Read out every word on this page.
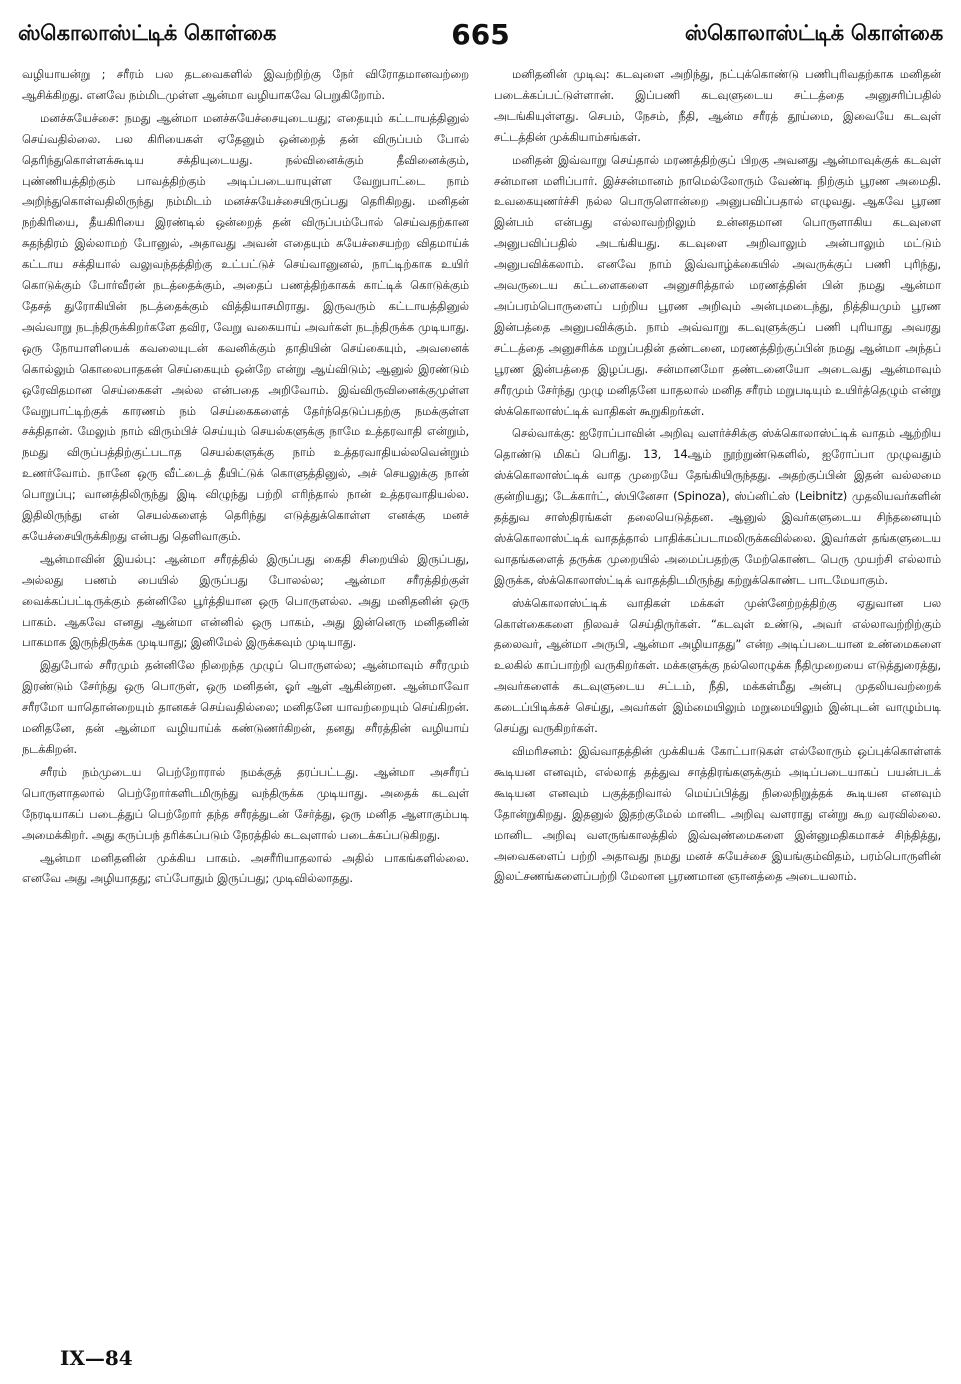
ஸ்கொலாஸ்ட்டிக் கொள்கை	665	ஸ்கொலாஸ்ட்டிக் கொள்கை

வழியாயன்று ; சரீரம் பல தடவைகளில் இவற்றிற்கு நேர் விரோதமானவற்றை ஆசிக்கிறது. எனவே நம்மிடமுள்ள ஆன்மா வழியாகவே பெறுகிறோம்.

மனச்சுயேச்சை: நமது ஆன்மா மனச்சுயேச்சையுடையது; எதையும் கட்டாயத்தினுல் செய்வதில்லை. பல கிரியைகள் ஏதேனும் ஒன்றைத் தன் விருப்பம் போல் தெரிந்துகொள்ளக்கூடிய சக்தியுடையது. நல்வினைக்கும் தீவினைக்கும், புண்ணியத்திற்கும் பாவத்திற்கும் அடிப்படையாயுள்ள வேறுபாட்டை நாம் அறிந்துகொள்வதிலிருந்து நம்மிடம் மனச்சுயேச்சையிருப்பது தெரிகிறது. மனிதன் நற்கிரியை, தீயகிரியை இரண்டில் ஒன்றைத் தன் விருப்பம்போல் செய்வதற்கான சுதந்திரம் இல்லாமற் போனுல், அதாவது அவன் எதையும் சுயேச்சையற்ற விதமாய்க் கட்டாய சக்தியால் வலுவந்தத்திற்கு உட்பட்டுச் செய்வானுனல், நாட்டிற்காக உயிர் கொடுக்கும் போர்வீரன் நடத்தைக்கும், அதைப் பணத்திற்காகக் காட்டிக் கொடுக்கும் தேசத் துரோகியின் நடத்தைக்கும் வித்தியாசமிராது. இருவரும் கட்டாயத்தினுல் அவ்வாறு நடந்திருக்கிறர்களே தவிர, வேறு வகையாய் அவர்கள் நடந்திருக்க முடியாது. ஒரு நோயாளியைக் கவலையுடன் கவனிக்கும் தாதியின் செய்கையும், அவனைக் கொல்லும் கொலைபாதகன் செய்கையும் ஒன்றே என்று ஆய்விடும்; ஆனுல் இரண்டும் ஒரேவிதமான செய்கைகள் அல்ல என்பதை அறிவோம். இவ்விருவினைக்குமுள்ள வேறுபாட்டிற்குக் காரணம் நம் செய்கைகளைத் தேர்ந்தெடுப்பதற்கு நமக்குள்ள சக்திதான். மேலும் நாம் விரும்பிச் செய்யும் செயல்களுக்கு நாமே உத்தரவாதி என்றும், நமது விருப்பத்திற்குட்படாத செயல்களுக்கு நாம் உத்தரவாதியல்லவென்றும் உணர்வோம். நானே ஒரு வீட்டைத் தீயிட்டுக் கொளுத்தினுல், அச் செயலுக்கு நான் பொறுப்பு; வானத்திலிருந்து இடி விழுந்து பற்றி எரிந்தால் நான் உத்தரவாதியல்ல. இதிலிருந்து என் செயல்களைத் தெரிந்து எடுத்துக்கொள்ள எனக்கு மனச் சுயேச்சையிருக்கிறது என்பது தெளிவாகும்.

ஆன்மாவின் இயல்பு: ஆன்மா சரீரத்தில் இருப்பது கைதி சிறையில் இருப்பது, அல்லது பணம் பையில் இருப்பது போலல்ல; ஆன்மா சரீரத்திற்குள் வைக்கப்பட்டிருக்கும் தன்னிலே பூர்த்தியான ஒரு பொருளல்ல. அது மனிதனின் ஒரு பாகம். ஆகவே எனது ஆன்மா என்னில் ஒரு பாகம், அது இன்னெரு மனிதனின் பாகமாக இருந்திருக்க முடியாது; இனிமேல் இருக்கவும் முடியாது.

இதுபோல் சரீரமும் தன்னிலே நிறைந்த முழுப் பொருளல்ல; ஆன்மாவும் சரீரமும் இரண்டும் சேர்ந்து ஒரு பொருள், ஒரு மனிதன், ஓர் ஆள் ஆகின்றன. ஆன்மாவோ சரீரமோ யாதொன்றையும் தானகச் செய்வதில்லை; மனிதனே யாவற்றையும் செய்கிறன். மனிதனே, தன் ஆன்மா வழியாய்க் கண்டுணர்கிறன், தனது சரீரத்தின் வழியாய் நடக்கிறன்.

சரீரம் நம்முடைய பெற்றோரால் நமக்குத் தரப்பட்டது. ஆன்மா அசரீரப் பொருளாதலால் பெற்றோர்களிடமிருந்து வந்திருக்க முடியாது. அதைக் கடவுள் நேரடியாகப் படைத்துப் பெற்றோர் தந்த சரீரத்துடன் சேர்த்து, ஒரு மனித ஆளாகும்படி அமைக்கிறர். அது கருப்பந் தரிக்கப்படும் நேரத்தில் கடவுளால் படைக்கப்படுகிறது.

ஆன்மா மனிதனின் முக்கிய பாகம். அசரீரியாதலால் அதில் பாகங்களில்லை. எனவே அது அழியாதது; எப்போதும் இருப்பது; முடிவில்லாதது.

மனிதனின் முடிவு: கடவுளை அறிந்து, நட்புக்கொண்டு பணிபுரிவதற்காக மனிதன் படைக்கப்பட்டுள்ளான். இப்பணி கடவுளுடைய சட்டத்தை அனுசரிப்பதில் அடங்கியுள்ளது. செபம், நேசம், நீதி, ஆன்ம சரீரத் தூய்மை, இவையே கடவுள் சட்டத்தின் முக்கியாம்சங்கள்.

மனிதன் இவ்வாறு செய்தால் மரணத்திற்குப் பிறகு அவனது ஆன்மாவுக்குக் கடவுள் சன்மான மளிப்பார். இச்சன்மானம் நாமெல்லோரும் வேண்டி நிற்கும் பூரண அமைதி. உவகையுணர்ச்சி நல்ல பொருளொன்றை அனுபவிப்பதால் எழுவது. ஆகவே பூரண இன்பம் என்பது எல்லாவற்றிலும் உன்னதமான பொருளாகிய கடவுளை அனுபவிப்பதில் அடங்கியது. கடவுளை அறிவாலும் அன்பாலும் மட்டும் அனுபவிக்கலாம். எனவே நாம் இவ்வாழ்க்கையில் அவருக்குப் பணி புரிந்து, அவருடைய கட்டளைகளை அனுசரித்தால் மரணத்தின் பின் நமது ஆன்மா அப்பரம்பொருளைப் பற்றிய பூரண அறிவும் அன்புமடைந்து, நித்தியமும் பூரண இன்பத்தை அனுபவிக்கும். நாம் அவ்வாறு கடவுளுக்குப் பணி புரியாது அவரது சட்டத்தை அனுசரிக்க மறுப்பதின் தண்டனை, மரணத்திற்குப்பின் நமது ஆன்மா அந்தப் பூரண இன்பத்தை இழப்பது. சன்மானமோ தண்டனையோ அடைவது ஆன்மாவும் சரீரமும் சேர்ந்து முழு மனிதனே யாதலால் மனித சரீரம் மறுபடியும் உயிர்த்தெழும் என்று ஸ்க்கொலாஸ்ட்டிக் வாதிகள் கூறுகிறர்கள்.

செல்வாக்கு: ஐரோப்பாவின் அறிவு வளர்ச்சிக்கு ஸ்க்கொலாஸ்ட்டிக் வாதம் ஆற்றிய தொண்டு மிகப் பெரிது. 13, 14ஆம் நூற்றுண்டுகளில், ஐரோப்பா முழுவதும் ஸ்க்கொலாஸ்ட்டிக் வாத முறையே தேங்கியிருந்தது. அதற்குப்பின் இதன் வல்லமை குன்றியது; டேக்கார்ட், ஸ்பினேசா (Spinoza), ஸ்ப்னிட்ஸ் (Leibnitz) முதலியவர்களின் தத்துவ சாஸ்திரங்கள் தலையெடுத்தன. ஆனுல் இவர்களுடைய சிந்தனையும் ஸ்க்கொலாஸ்ட்டிக் வாதத்தால் பாதிக்கப்படாமலிருக்கவில்லை. இவர்கள் தங்களுடைய வாதங்களைத் தருக்க முறையில் அமைப்பதற்கு மேற்கொண்ட பெரு முயற்சி எல்லாம் இருக்க, ஸ்க்கொலாஸ்ட்டிக் வாதத்திடமிருந்து கற்றுக்கொண்ட பாடமேயாகும்.

ஸ்க்கொலாஸ்ட்டிக் வாதிகள் மக்கள் முன்னேற்றத்திற்கு ஏதுவான பல கொள்கைகளை நிலவச் செய்திருர்கள். “கடவுள் உண்டு, அவர் எல்லாவற்றிற்கும் தலைவர், ஆன்மா அருபி, ஆன்மா அழியாதது” என்ற அடிப்படையான உண்மைகளை உலகில் காப்பாற்றி வருகிறர்கள். மக்களுக்கு நல்லொழுக்க நீதிமுறையை எடுத்துரைத்து, அவர்களைக் கடவுளுடைய சட்டம், நீதி, மக்கள்மீது அன்பு முதலியவற்றைக் கடைப்பிடிக்கச் செய்து, அவர்கள் இம்மையிலும் மறுமையிலும் இன்புடன் வாழும்படி செய்து வருகிறர்கள்.

விமரிசனம்: இவ்வாதத்தின் முக்கியக் கோட்பாடுகள் எல்லோரும் ஒப்புக்கொள்ளக் கூடியன எனவும், எல்லாத் தத்துவ சாத்திரங்களுக்கும் அடிப்படையாகப் பயன்படக் கூடியன எனவும் பகுத்தறிவால் மெய்ப்பித்து நிலைநிறுத்தக் கூடியன எனவும் தோன்றுகிறது. இதனுல் இதற்குமேல் மானிட அறிவு வளராது என்று கூற வரவில்லை. மானிட அறிவு வளருங்காலத்தில் இவ்வுண்மைகளை இன்னுமதிகமாகச் சிந்தித்து, அவைகளைப் பற்றி அதாவது நமது மனச் சுயேச்சை இயங்கும்விதம், பரம்பொருளின் இலட்சணங்களைப்பற்றி மேலான பூரணமான ஞானத்தை அடையலாம்.

IX—84
